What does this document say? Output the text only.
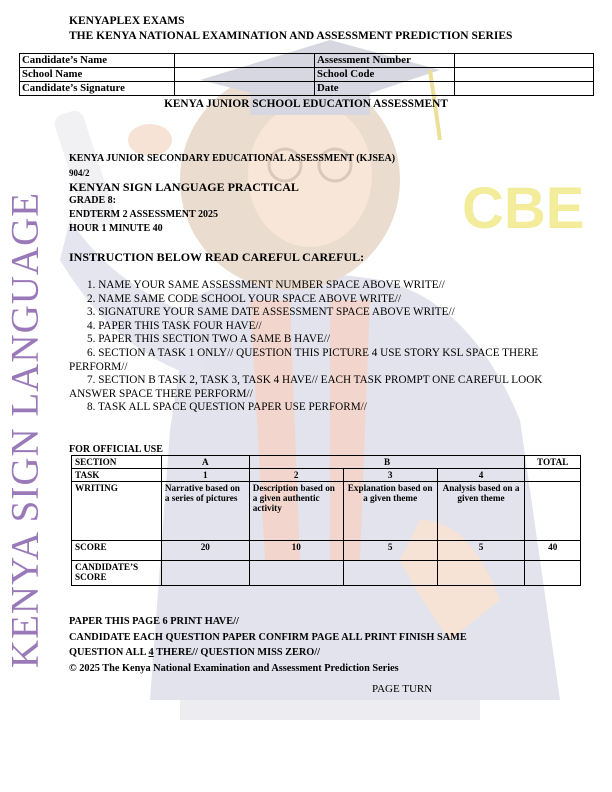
CBE
KENYA SIGN LANGUAGE
KENYAPLEX EXAMS
THE KENYA NATIONAL EXAMINATION AND ASSESSMENT PREDICTION SERIES
Candidate’s Name		Assessment Number	
School Name		School Code	
Candidate’s Signature		Date	
KENYA JUNIOR SCHOOL EDUCATION ASSESSMENT
KENYA JUNIOR SECONDARY EDUCATIONAL ASSESSMENT (KJSEA)
904/2
KENYAN SIGN LANGUAGE PRACTICAL
GRADE 8:
ENDTERM 2 ASSESSMENT 2025
HOUR 1 MINUTE 40
INSTRUCTION BELOW READ CAREFUL CAREFUL:
1. NAME YOUR SAME ASSESSMENT NUMBER SPACE ABOVE WRITE//
2. NAME SAME CODE SCHOOL YOUR SPACE ABOVE WRITE//
3. SIGNATURE YOUR SAME DATE ASSESSMENT SPACE ABOVE WRITE//
4. PAPER THIS TASK FOUR HAVE//
5. PAPER THIS SECTION TWO A SAME B HAVE//
6. SECTION A TASK 1 ONLY// QUESTION THIS PICTURE 4 USE STORY KSL SPACE THERE PERFORM//
7. SECTION B TASK 2, TASK 3, TASK 4 HAVE// EACH TASK PROMPT ONE CAREFUL LOOK ANSWER SPACE THERE PERFORM//
8. TASK ALL SPACE QUESTION PAPER USE PERFORM//
FOR OFFICIAL USE
SECTION	A	B			TOTAL
TASK	1	2	3	4	
WRITING	Narrative based on a series of pictures	Description based on a given authentic activity	Explanation based on a given theme	Analysis based on a given theme	
SCORE	20	10	5	5	40
CANDIDATE’S SCORE					
PAPER THIS PAGE 6 PRINT HAVE//
CANDIDATE EACH QUESTION PAPER CONFIRM PAGE ALL PRINT FINISH SAME
QUESTION ALL 4 THERE// QUESTION MISS ZERO//
© 2025 The Kenya National Examination and Assessment Prediction Series
PAGE TURN
